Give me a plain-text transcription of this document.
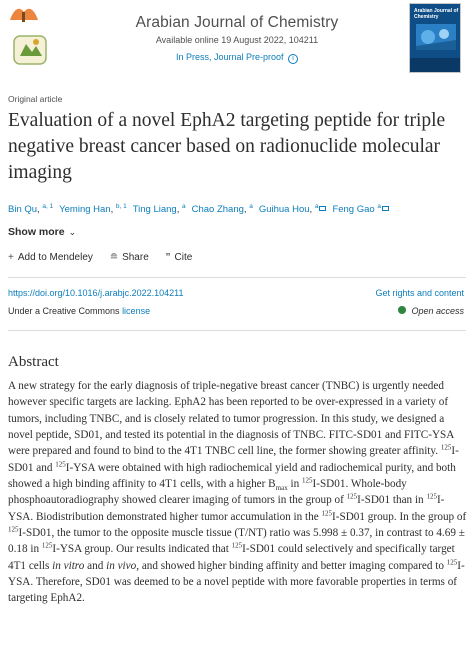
Arabian Journal of Chemistry
Available online 19 August 2022, 104211
In Press, Journal Pre-proof i
Arabian Journal of Chemistry
Original article
Evaluation of a novel EphA2 targeting peptide for triple negative breast cancer based on radionuclide molecular imaging
Bin Qu, $^{a, 1}$ Yeming Han, $^{b, 1}$ Ting Liang, $^a$ Chao Zhang, $^a$ Guihua Hou, $^a$ Feng Gao $^a$
Show more ⌄
+ Add to Mendeley ≘ Share ” Cite
https://doi.org/10.1016/j.arabjc.2022.104211	Get rights and content
Under a Creative Commons license	Open access
Abstract

A new strategy for the early diagnosis of triple-negative breast cancer (TNBC) is urgently needed however specific targets are lacking. EphA2 has been reported to be over-expressed in a variety of tumors, including TNBC, and is closely related to tumor progression. In this study, we designed a novel peptide, SD01, and tested its potential in the diagnosis of TNBC. FITC-SD01 and FITC-YSA were prepared and found to bind to the 4T1 TNBC cell line, the former showing greater affinity. $^{125}$I-SD01 and $^{125}$I-YSA were obtained with high radiochemical yield and radiochemical purity, and both showed a high binding affinity to 4T1 cells, with a higher $B_{max}$ in $^{125}$I-SD01. Whole-body phosphoautoradiography showed clearer imaging of tumors in the group of $^{125}$I-SD01 than in $^{125}$I-YSA. Biodistribution demonstrated higher tumor accumulation in the $^{125}$I-SD01 group. In the group of $^{125}$I-SD01, the tumor to the opposite muscle tissue (T/NT) ratio was 5.998 ± 0.37, in contrast to 4.69 ± 0.18 in $^{125}$I-YSA group. Our results indicated that $^{125}$I-SD01 could selectively and specifically target 4T1 cells in vitro and in vivo, and showed higher binding affinity and better imaging compared to $^{125}$I-YSA. Therefore, SD01 was deemed to be a novel peptide with more favorable properties in terms of targeting EphA2.
